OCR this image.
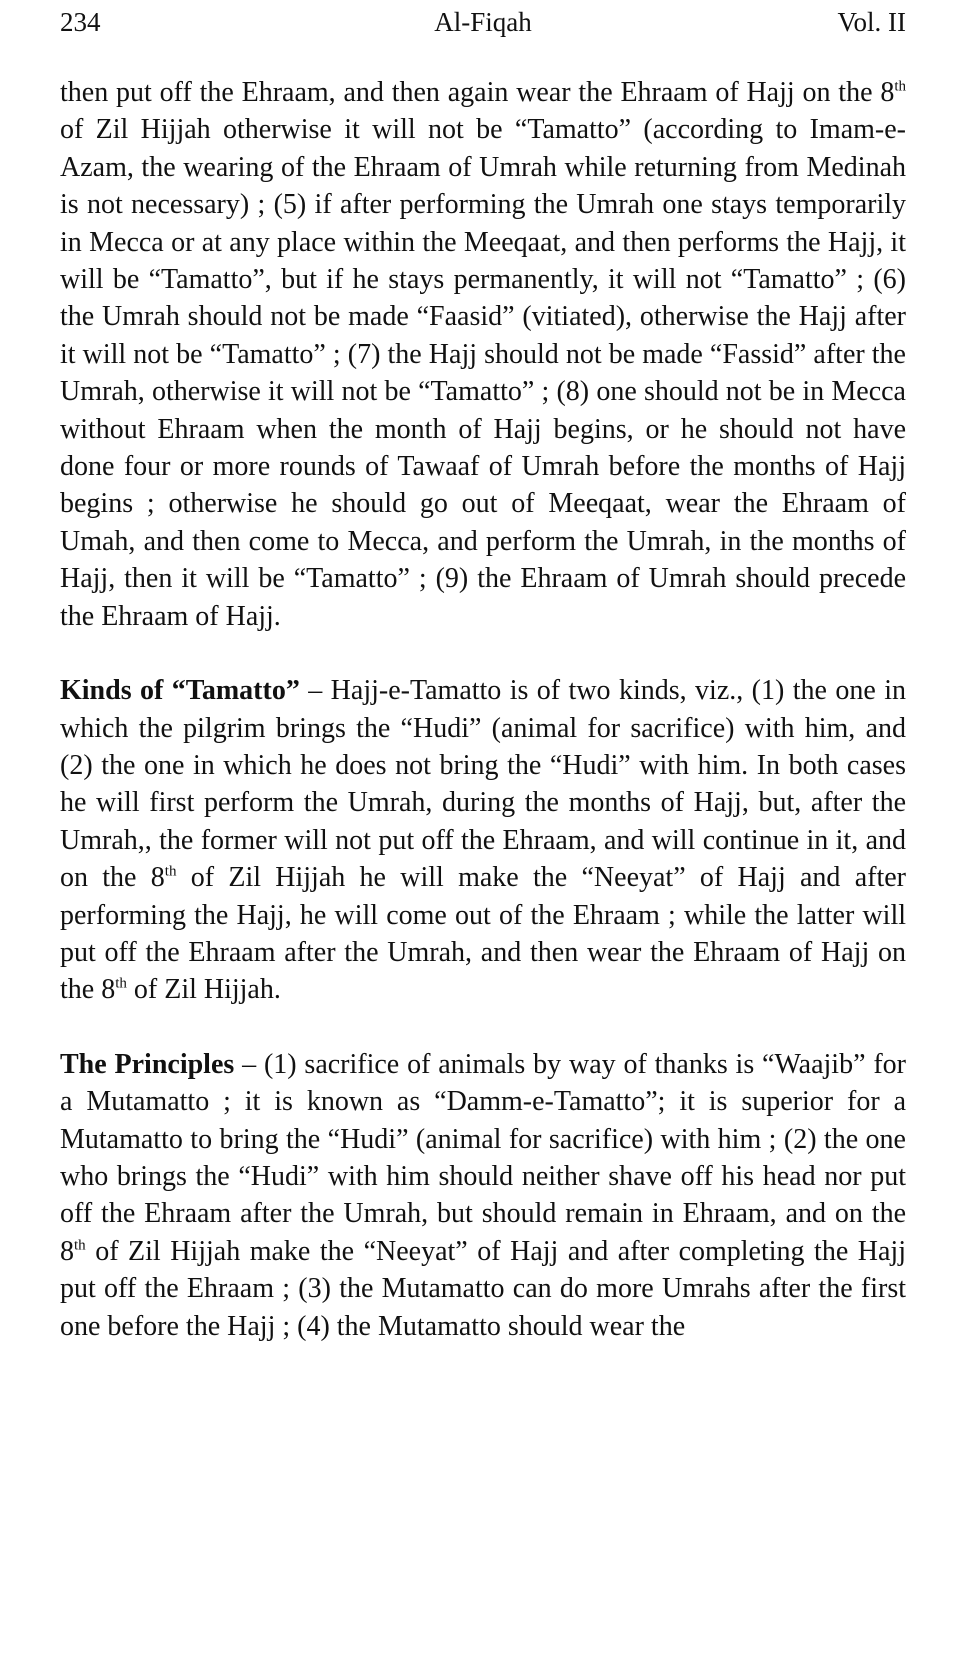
234	Al-Fiqah	Vol. II

then put off the Ehraam, and then again wear the Ehraam of Hajj on the 8th of Zil Hijjah otherwise it will not be “Tamatto” (according to Imam-e-Azam, the wearing of the Ehraam of Umrah while returning from Medinah is not necessary) ; (5) if after performing the Umrah one stays temporarily in Mecca or at any place within the Meeqaat, and then performs the Hajj, it will be “Tamatto”, but if he stays permanently, it will not “Tamatto” ; (6) the Umrah should not be made “Faasid” (vitiated), otherwise the Hajj after it will not be “Tamatto” ; (7) the Hajj should not be made “Fassid” after the Umrah, otherwise it will not be “Tamatto” ; (8) one should not be in Mecca without Ehraam when the month of Hajj begins, or he should not have done four or more rounds of Tawaaf of Umrah before the months of Hajj begins ; otherwise he should go out of Meeqaat, wear the Ehraam of Umah, and then come to Mecca, and perform the Umrah, in the months of Hajj, then it will be “Tamatto” ; (9) the Ehraam of Umrah should precede the Ehraam of Hajj.

Kinds of “Tamatto” – Hajj-e-Tamatto is of two kinds, viz., (1) the one in which the pilgrim brings the “Hudi” (animal for sacrifice) with him, and (2) the one in which he does not bring the “Hudi” with him. In both cases he will first perform the Umrah, during the months of Hajj, but, after the Umrah,, the former will not put off the Ehraam, and will continue in it, and on the 8th of Zil Hijjah he will make the “Neeyat” of Hajj and after performing the Hajj, he will come out of the Ehraam ; while the latter will put off the Ehraam after the Umrah, and then wear the Ehraam of Hajj on the 8th of Zil Hijjah.

The Principles – (1) sacrifice of animals by way of thanks is “Waajib” for a Mutamatto ; it is known as “Damm-e-Tamatto”; it is superior for a Mutamatto to bring the “Hudi” (animal for sacrifice) with him ; (2) the one who brings the “Hudi” with him should neither shave off his head nor put off the Ehraam after the Umrah, but should remain in Ehraam, and on the 8th of Zil Hijjah make the “Neeyat” of Hajj and after completing the Hajj put off the Ehraam ; (3) the Mutamatto can do more Umrahs after the first one before the Hajj ; (4) the Mutamatto should wear the
